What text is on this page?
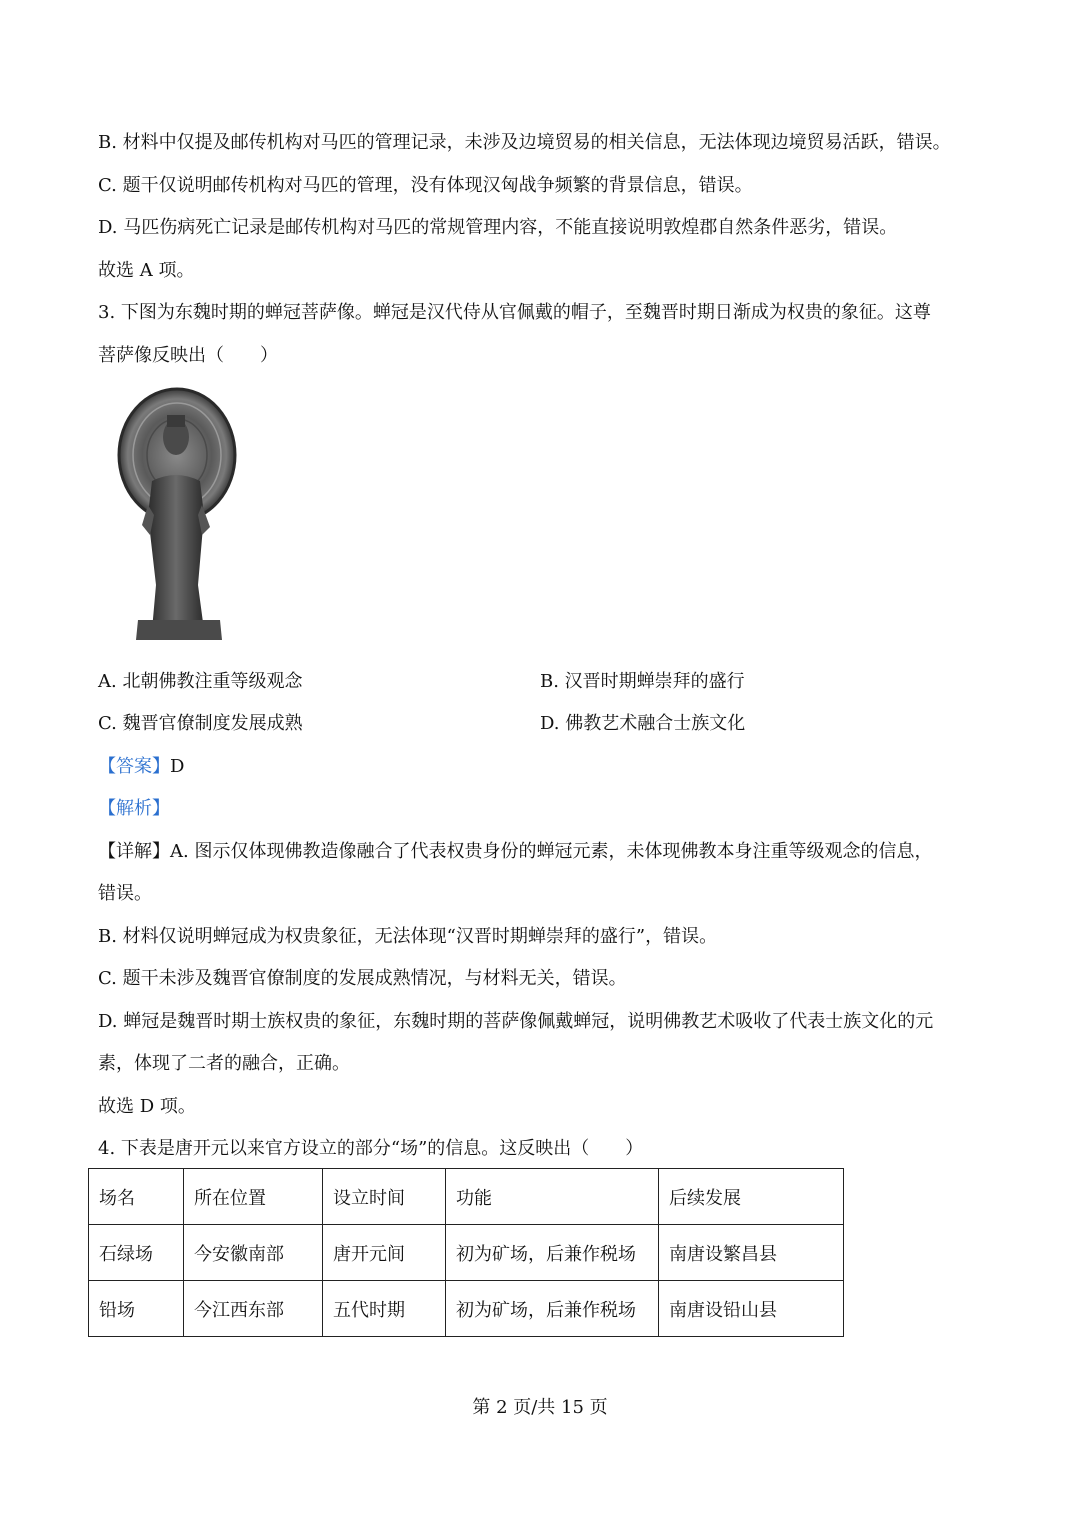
B. 材料中仅提及邮传机构对马匹的管理记录，未涉及边境贸易的相关信息，无法体现边境贸易活跃，错误。
C. 题干仅说明邮传机构对马匹的管理，没有体现汉匈战争频繁的背景信息，错误。
D. 马匹伤病死亡记录是邮传机构对马匹的常规管理内容，不能直接说明敦煌郡自然条件恶劣，错误。
故选 A 项。
3. 下图为东魏时期的蝉冠菩萨像。蝉冠是汉代侍从官佩戴的帽子，至魏晋时期日渐成为权贵的象征。这尊
菩萨像反映出（　　）
A. 北朝佛教注重等级观念	B. 汉晋时期蝉崇拜的盛行
C. 魏晋官僚制度发展成熟	D. 佛教艺术融合士族文化
【答案】D
【解析】
【详解】A. 图示仅体现佛教造像融合了代表权贵身份的蝉冠元素，未体现佛教本身注重等级观念的信息，
错误。
B. 材料仅说明蝉冠成为权贵象征，无法体现“汉晋时期蝉崇拜的盛行”，错误。
C. 题干未涉及魏晋官僚制度的发展成熟情况，与材料无关，错误。
D. 蝉冠是魏晋时期士族权贵的象征，东魏时期的菩萨像佩戴蝉冠，说明佛教艺术吸收了代表士族文化的元
素，体现了二者的融合，正确。
故选 D 项。
4. 下表是唐开元以来官方设立的部分“场”的信息。这反映出（　　）
场名	所在位置	设立时间	功能	后续发展
石绿场	今安徽南部	唐开元间	初为矿场，后兼作税场	南唐设繁昌县
铅场	今江西东部	五代时期	初为矿场，后兼作税场	南唐设铅山县
第 2 页/共 15 页
